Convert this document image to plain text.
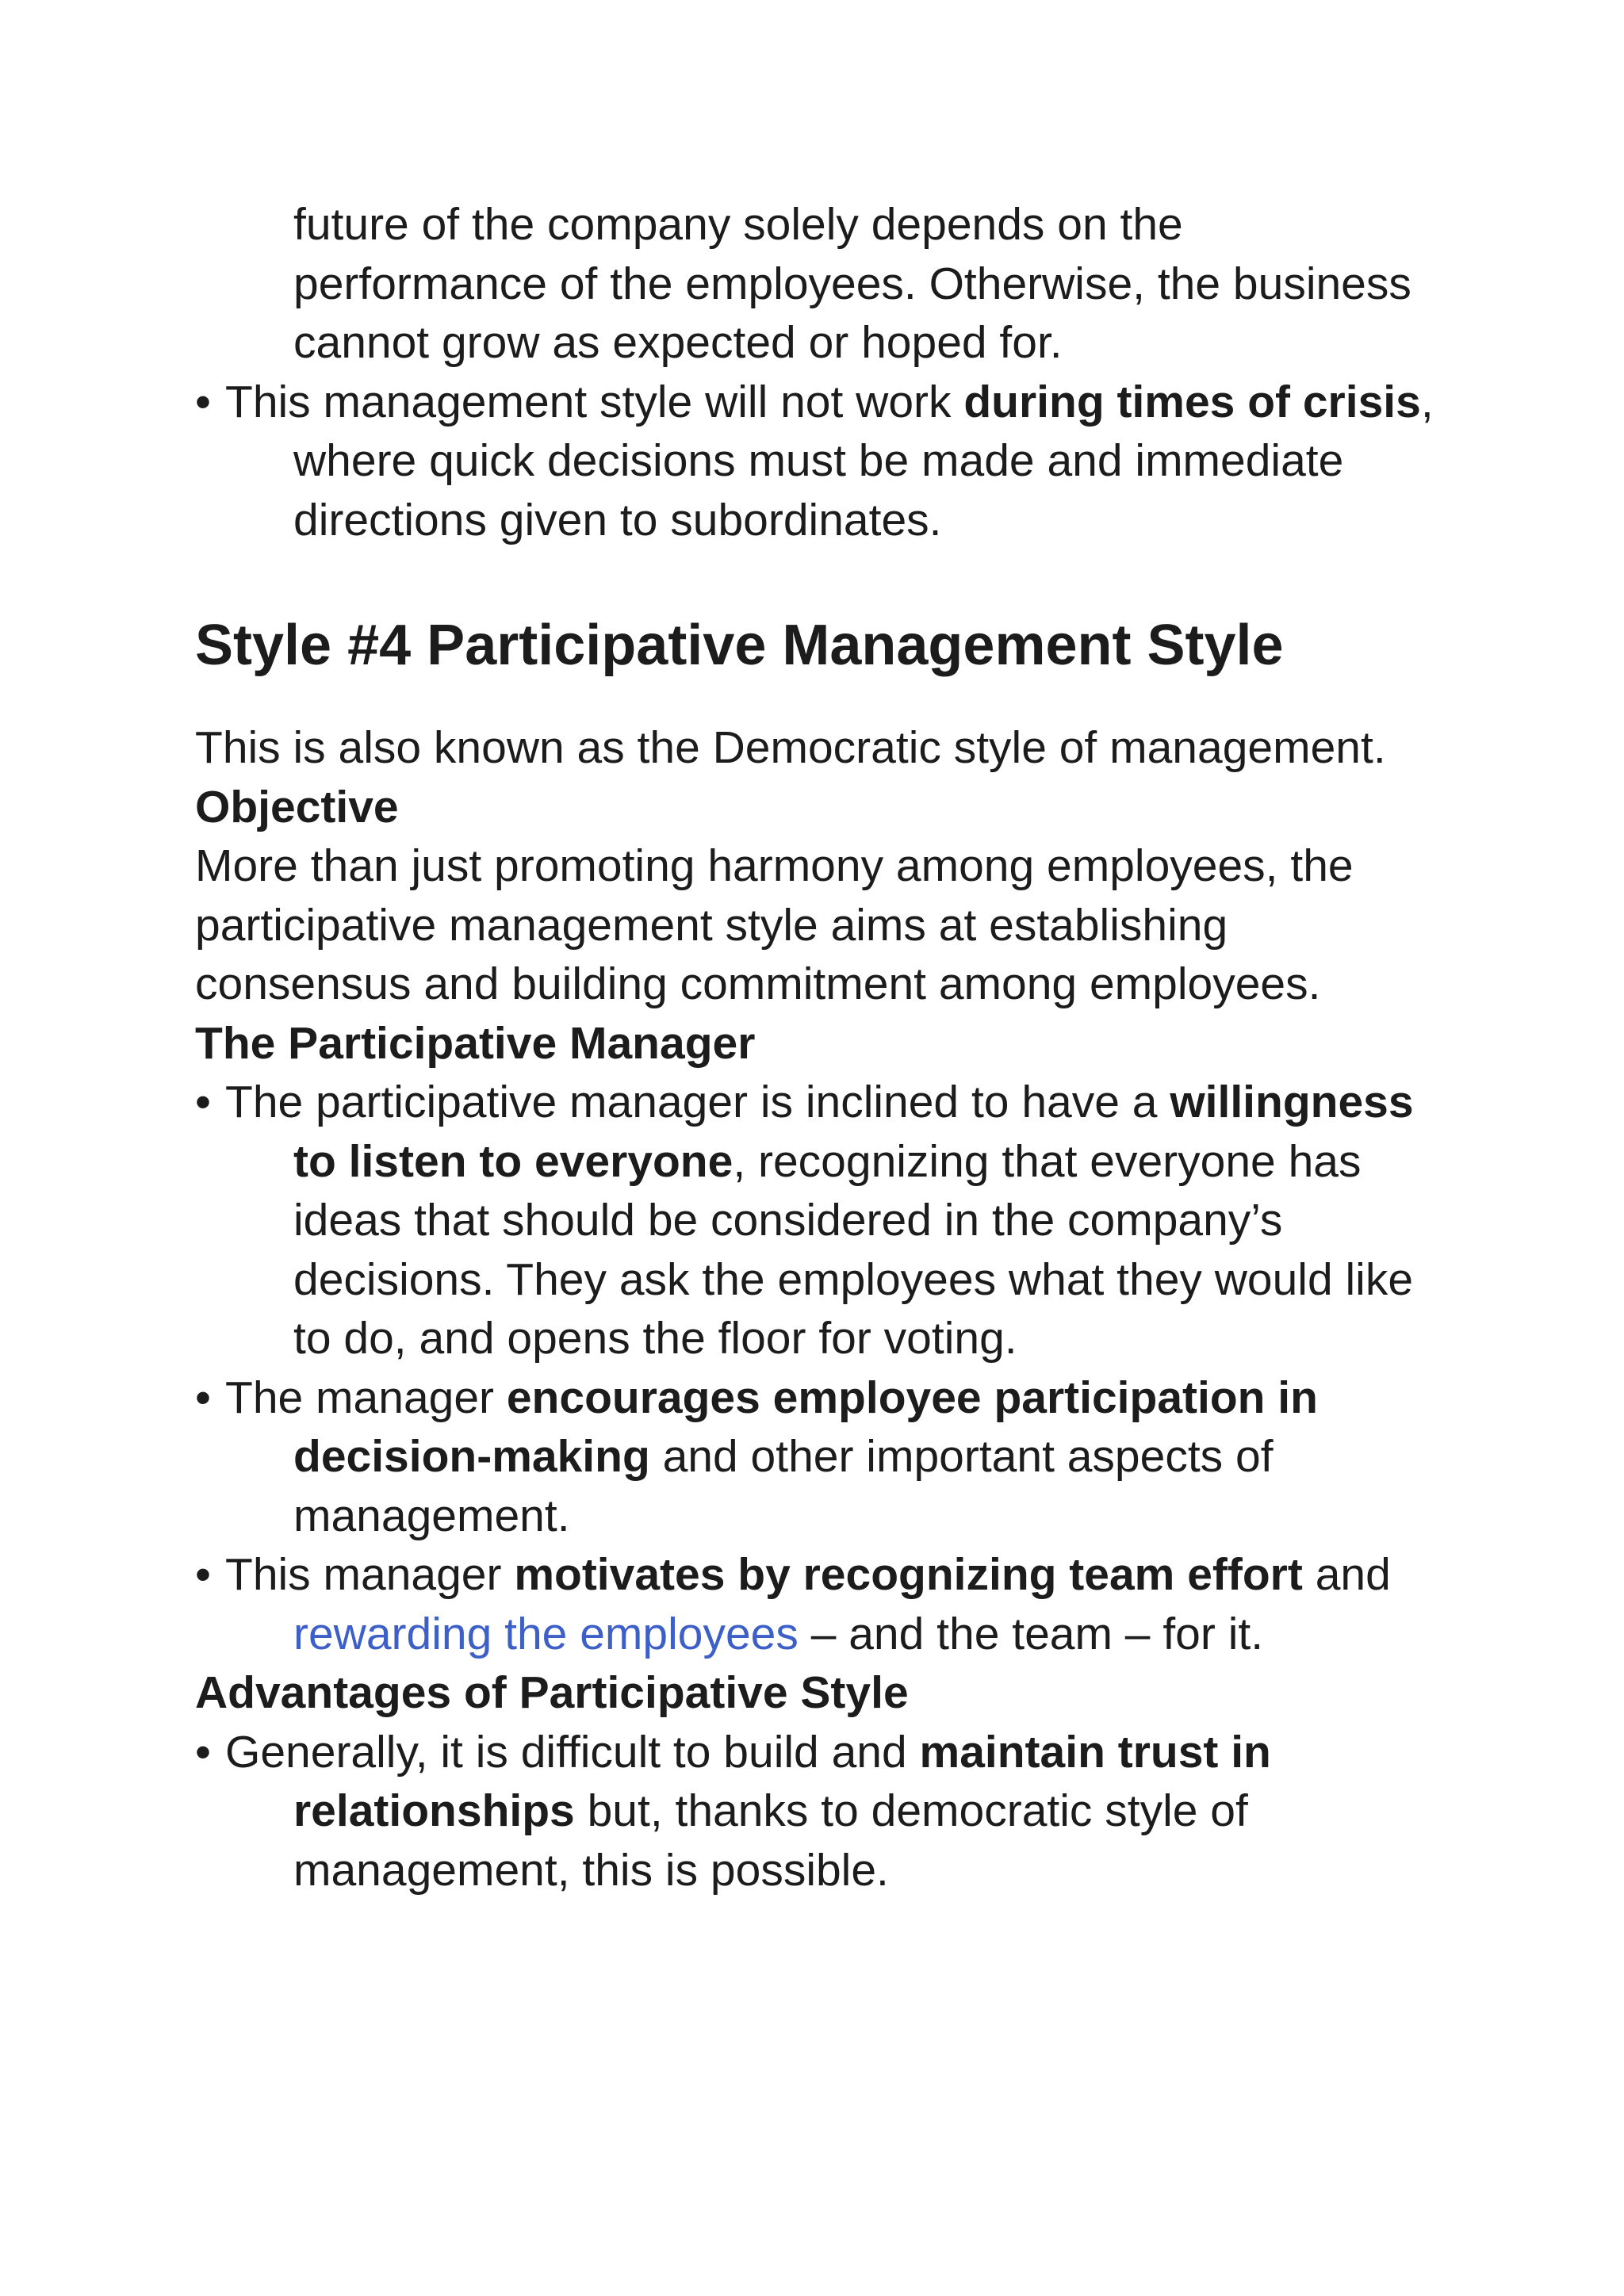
future of the company solely depends on the performance of the employees. Otherwise, the business cannot grow as expected or hoped for.

• This management style will not work during times of crisis, where quick decisions must be made and immediate directions given to subordinates.

Style #4 Participative Management Style

This is also known as the Democratic style of management.

Objective

More than just promoting harmony among employees, the participative management style aims at establishing consensus and building commitment among employees.

The Participative Manager

• The participative manager is inclined to have a willingness to listen to everyone, recognizing that everyone has ideas that should be considered in the company’s decisions. They ask the employees what they would like to do, and opens the floor for voting.

• The manager encourages employee participation in decision-making and other important aspects of management.

• This manager motivates by recognizing team effort and rewarding the employees – and the team – for it.

Advantages of Participative Style

• Generally, it is difficult to build and maintain trust in relationships but, thanks to democratic style of management, this is possible.
